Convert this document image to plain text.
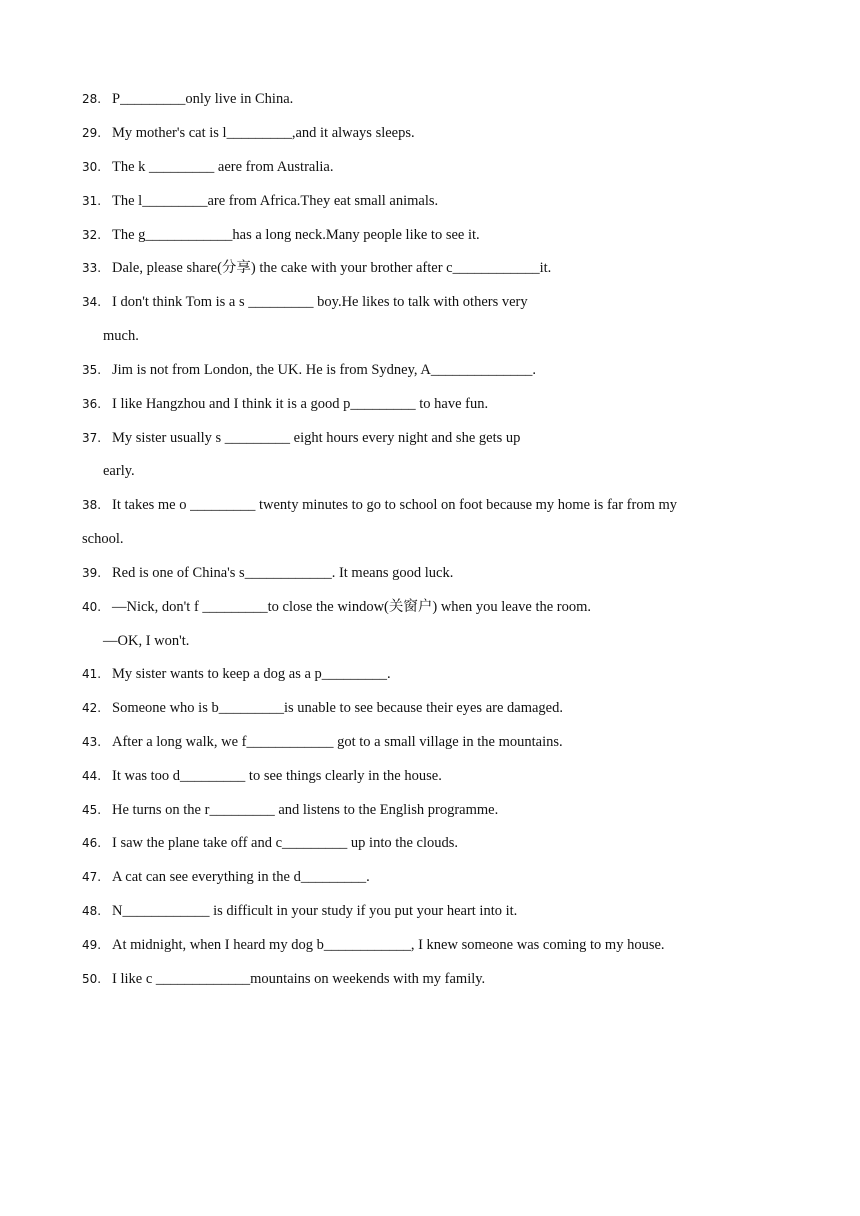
28. P_________only live in China.
29. My mother's cat is l_________,and it always sleeps.
30. The k _________ aere from Australia.
31. The l_________are from Africa.They eat small animals.
32. The g____________has a long neck.Many people like to see it.
33. Dale, please share(分享) the cake with your brother after c____________it.
34. I don't think Tom is a s _________ boy.He likes to talk with others very
much.
35. Jim is not from London, the UK. He is from Sydney, A______________.
36. I like Hangzhou and I think it is a good p_________ to have fun.
37. My sister usually s _________ eight hours every night and she gets up
early.
38. It takes me o _________ twenty minutes to go to school on foot because my home is far from my
school.
39. Red is one of China's s____________. It means good luck.
40. —Nick, don't f _________to close the window(关窗户) when you leave the room.
—OK, I won't.
41. My sister wants to keep a dog as a p_________.
42. Someone who is b_________is unable to see because their eyes are damaged.
43. After a long walk, we f____________ got to a small village in the mountains.
44. It was too d_________ to see things clearly in the house.
45. He turns on the r_________ and listens to the English programme.
46. I saw the plane take off and c_________ up into the clouds.
47. A cat can see everything in the d_________.
48. N____________ is difficult in your study if you put your heart into it.
49. At midnight, when I heard my dog b____________, I knew someone was coming to my house.
50. I like c _____________mountains on weekends with my family.
